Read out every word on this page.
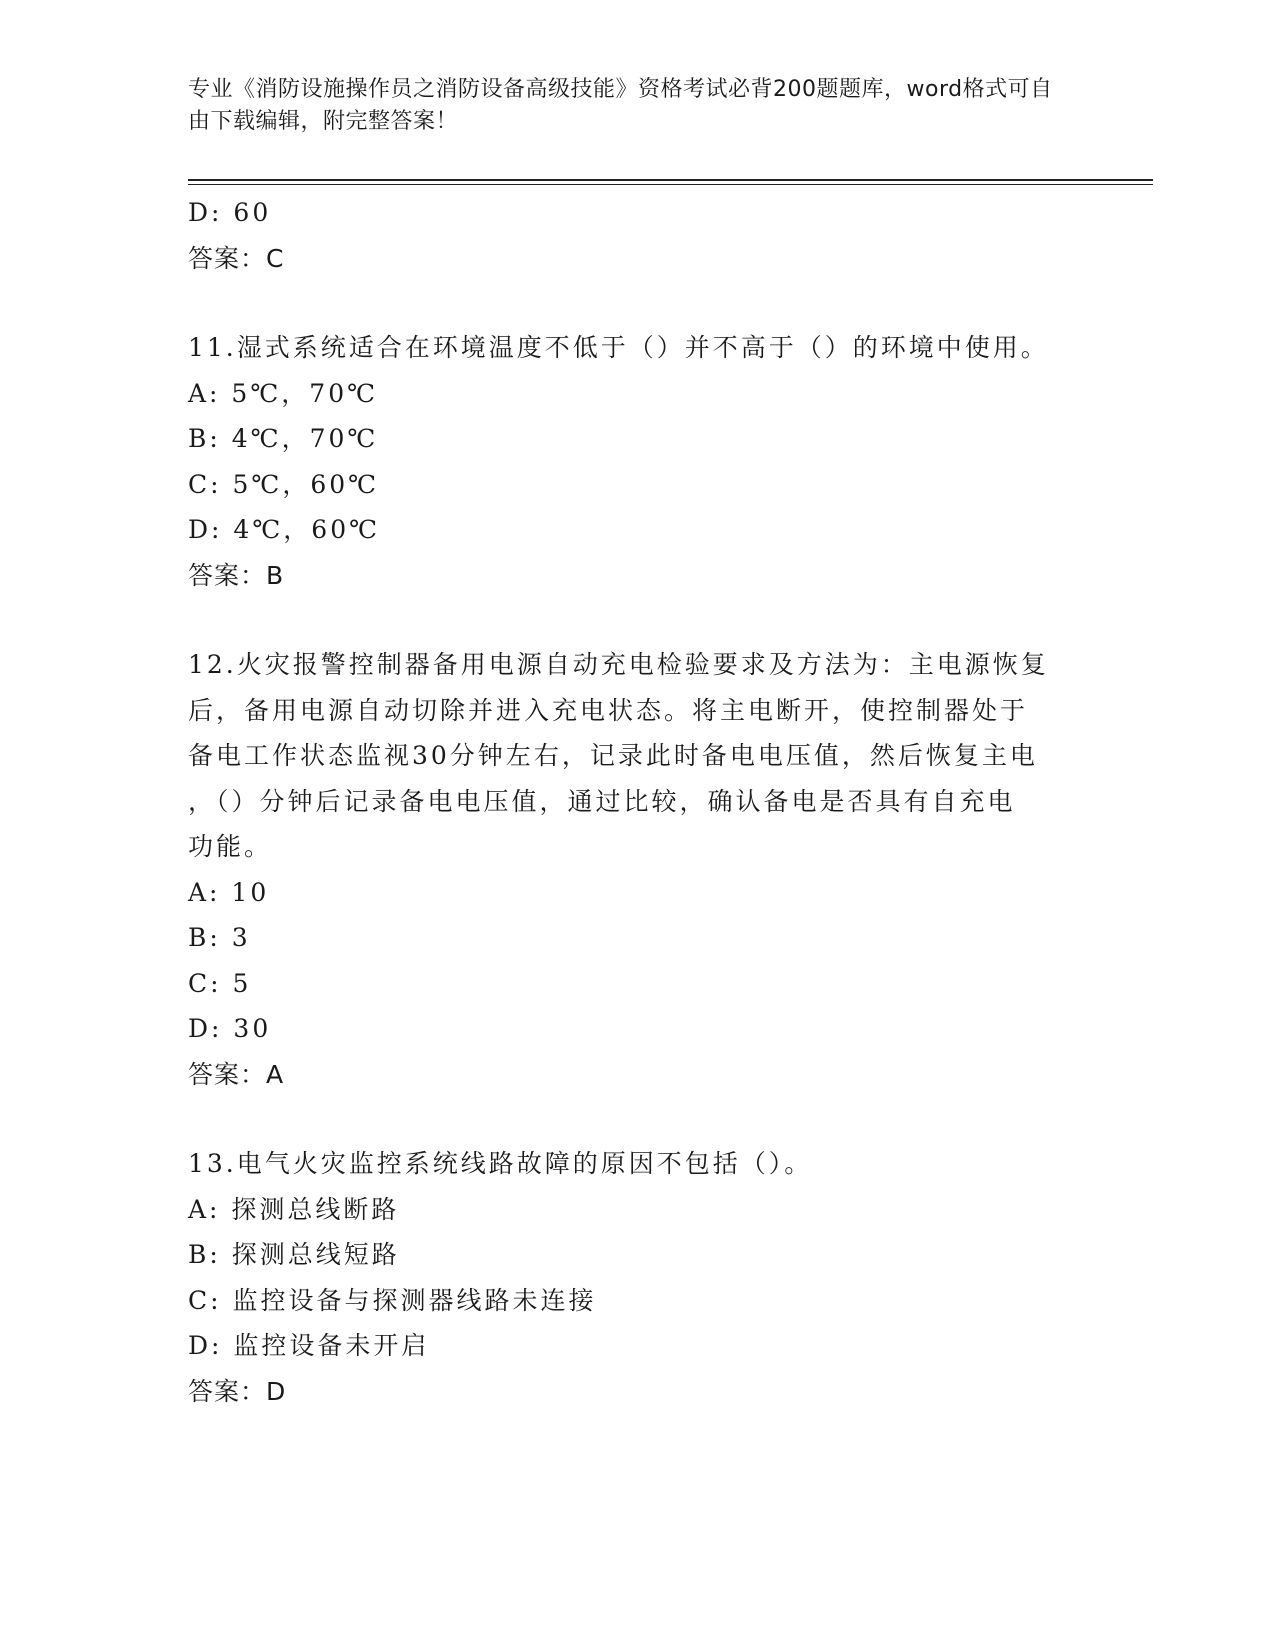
专业《消防设施操作员之消防设备高级技能》资格考试必背200题题库，word格式可自由下载编辑，附完整答案！
D: 60
答案：C
11.湿式系统适合在环境温度不低于（）并不高于（）的环境中使用。
A: 5℃，70℃
B: 4℃，70℃
C: 5℃，60℃
D: 4℃，60℃
答案：B
12.火灾报警控制器备用电源自动充电检验要求及方法为：主电源恢复
后，备用电源自动切除并进入充电状态。将主电断开，使控制器处于
备电工作状态监视30分钟左右，记录此时备电电压值，然后恢复主电
，（）分钟后记录备电电压值，通过比较，确认备电是否具有自充电
功能。
A: 10
B: 3
C: 5
D: 30
答案：A
13.电气火灾监控系统线路故障的原因不包括（）。
A: 探测总线断路
B: 探测总线短路
C: 监控设备与探测器线路未连接
D: 监控设备未开启
答案：D
